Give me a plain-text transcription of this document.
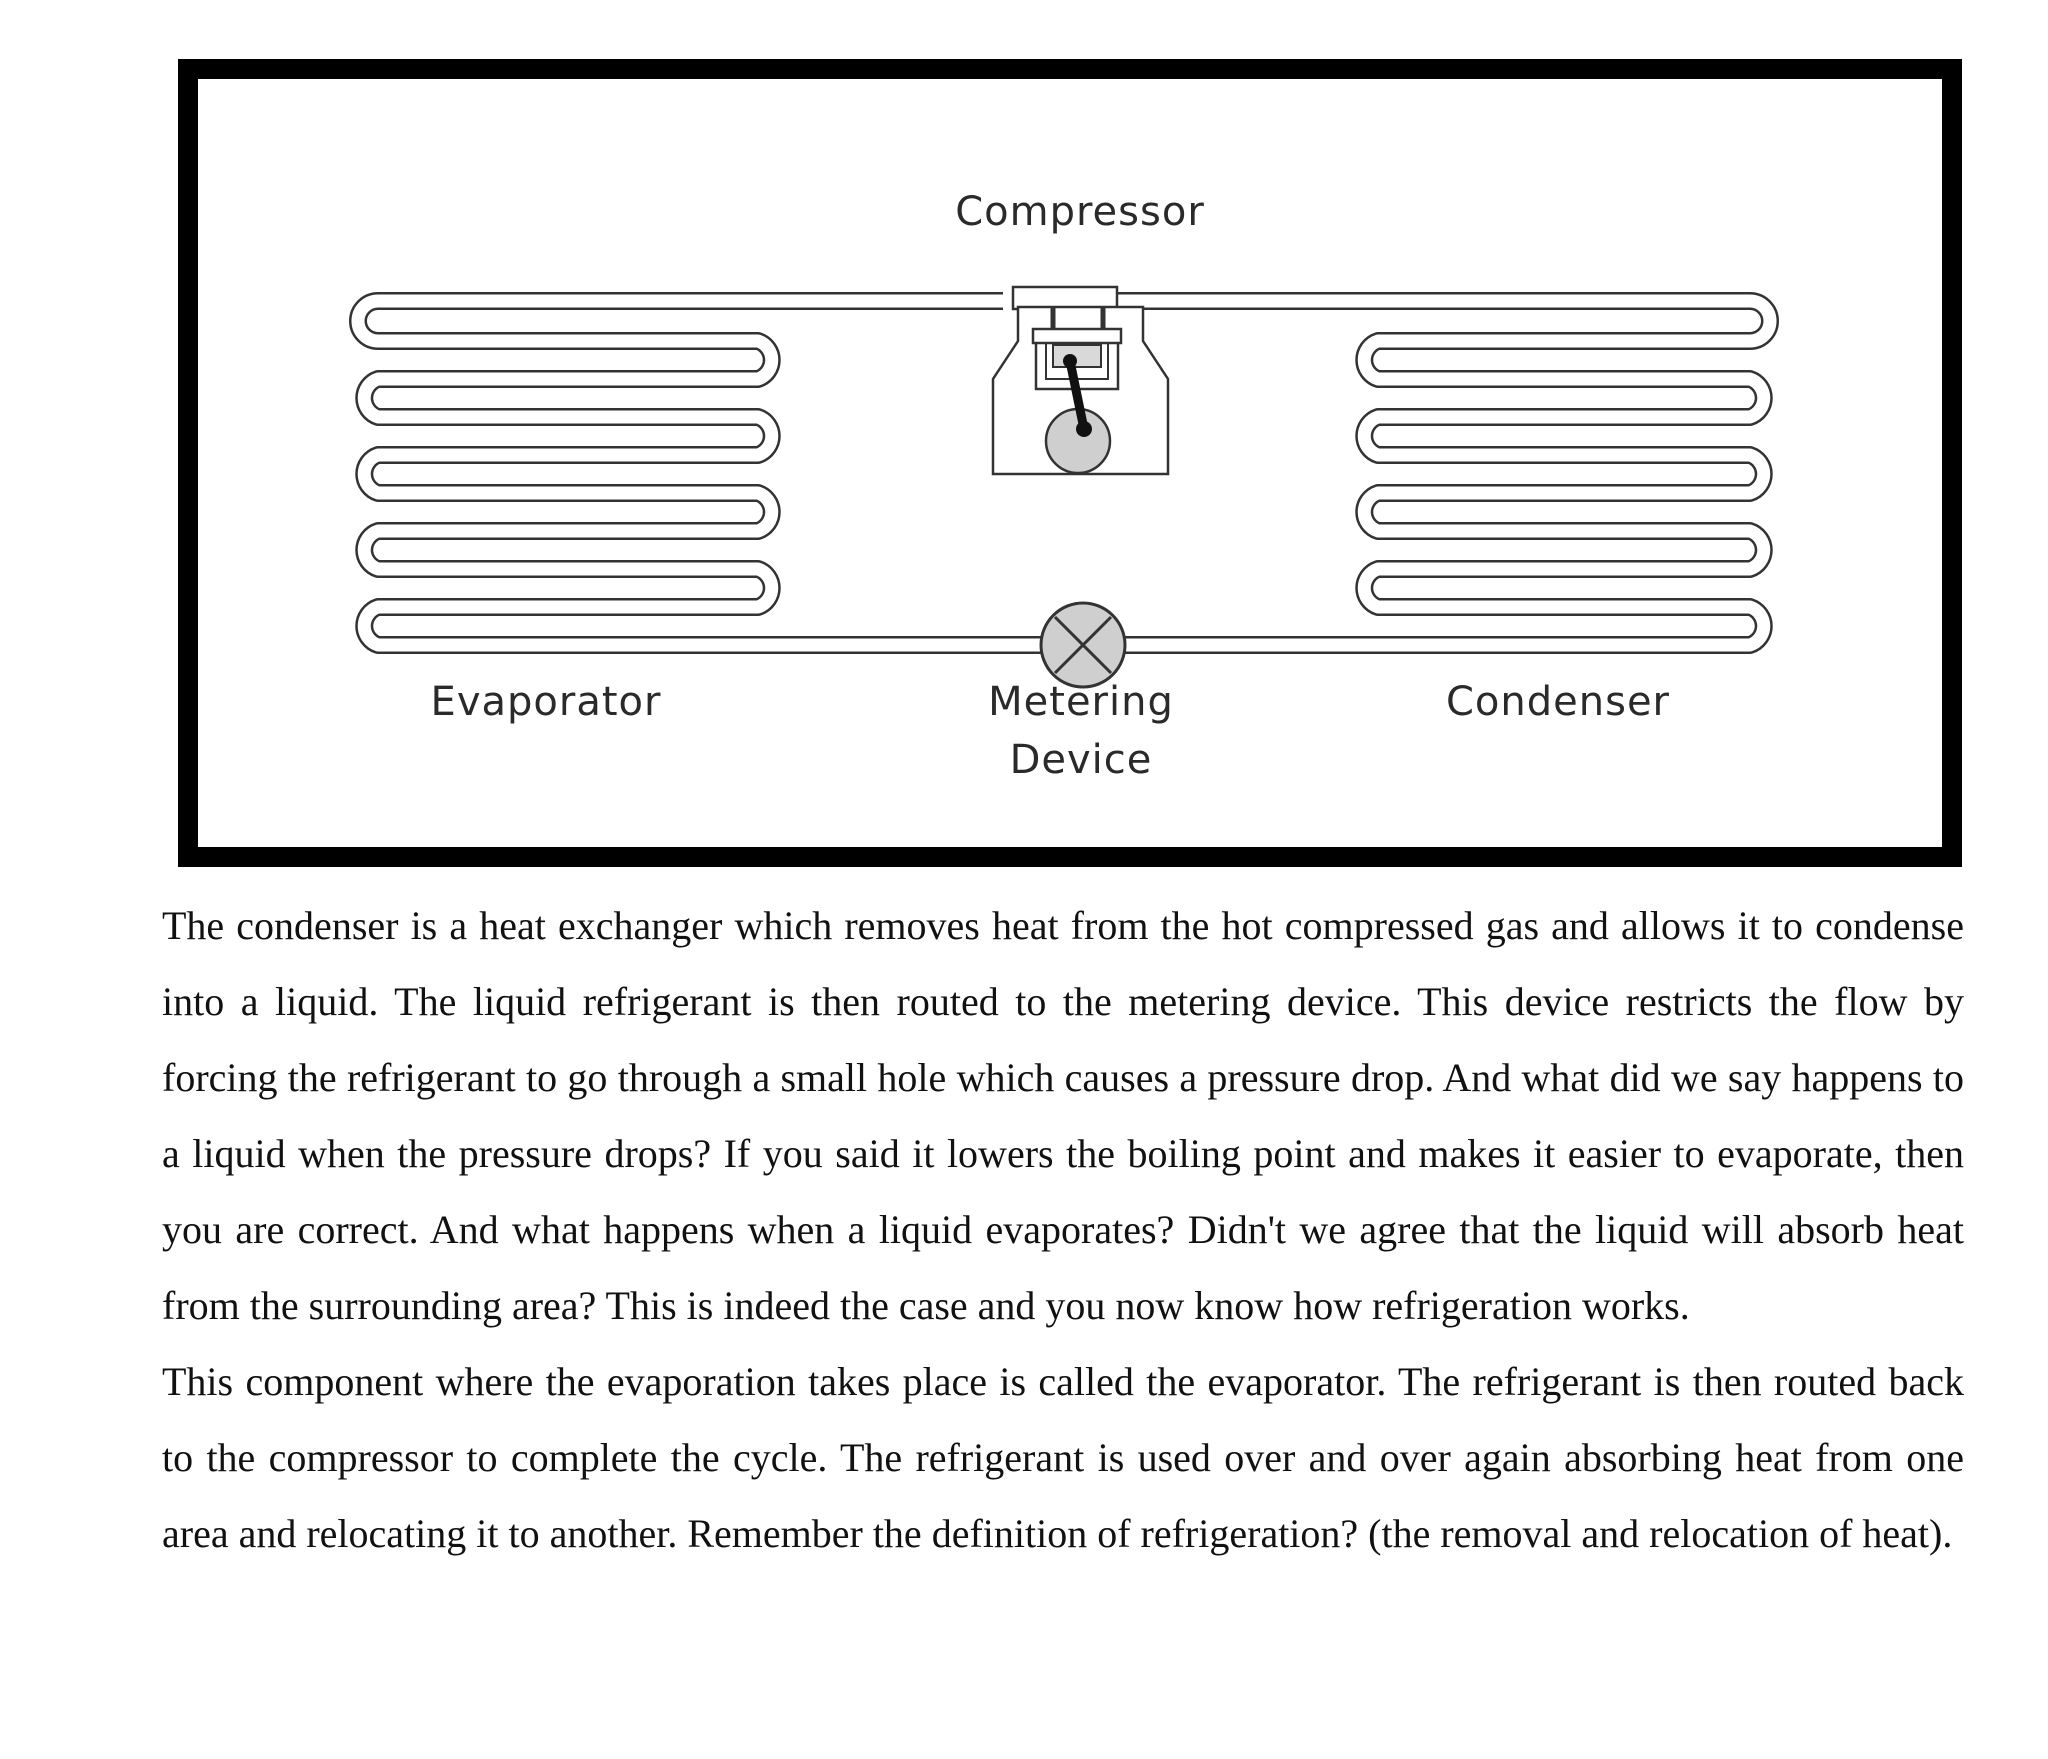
Compressor
Evaporator	Metering
Device
Condenser

The condenser is a heat exchanger which removes heat from the hot compressed gas and allows it to condense into a liquid. The liquid refrigerant is then routed to the metering device. This device restricts the flow by forcing the refrigerant to go through a small hole which causes a pressure drop. And what did we say happens to a liquid when the pressure drops? If you said it lowers the boiling point and makes it easier to evaporate, then you are correct. And what happens when a liquid evaporates? Didn't we agree that the liquid will absorb heat from the surrounding area? This is indeed the case and you now know how refrigeration works.

This component where the evaporation takes place is called the evaporator. The refrigerant is then routed back to the compressor to complete the cycle. The refrigerant is used over and over again absorbing heat from one area and relocating it to another. Remember the definition of refrigeration? (the removal and relocation of heat).
